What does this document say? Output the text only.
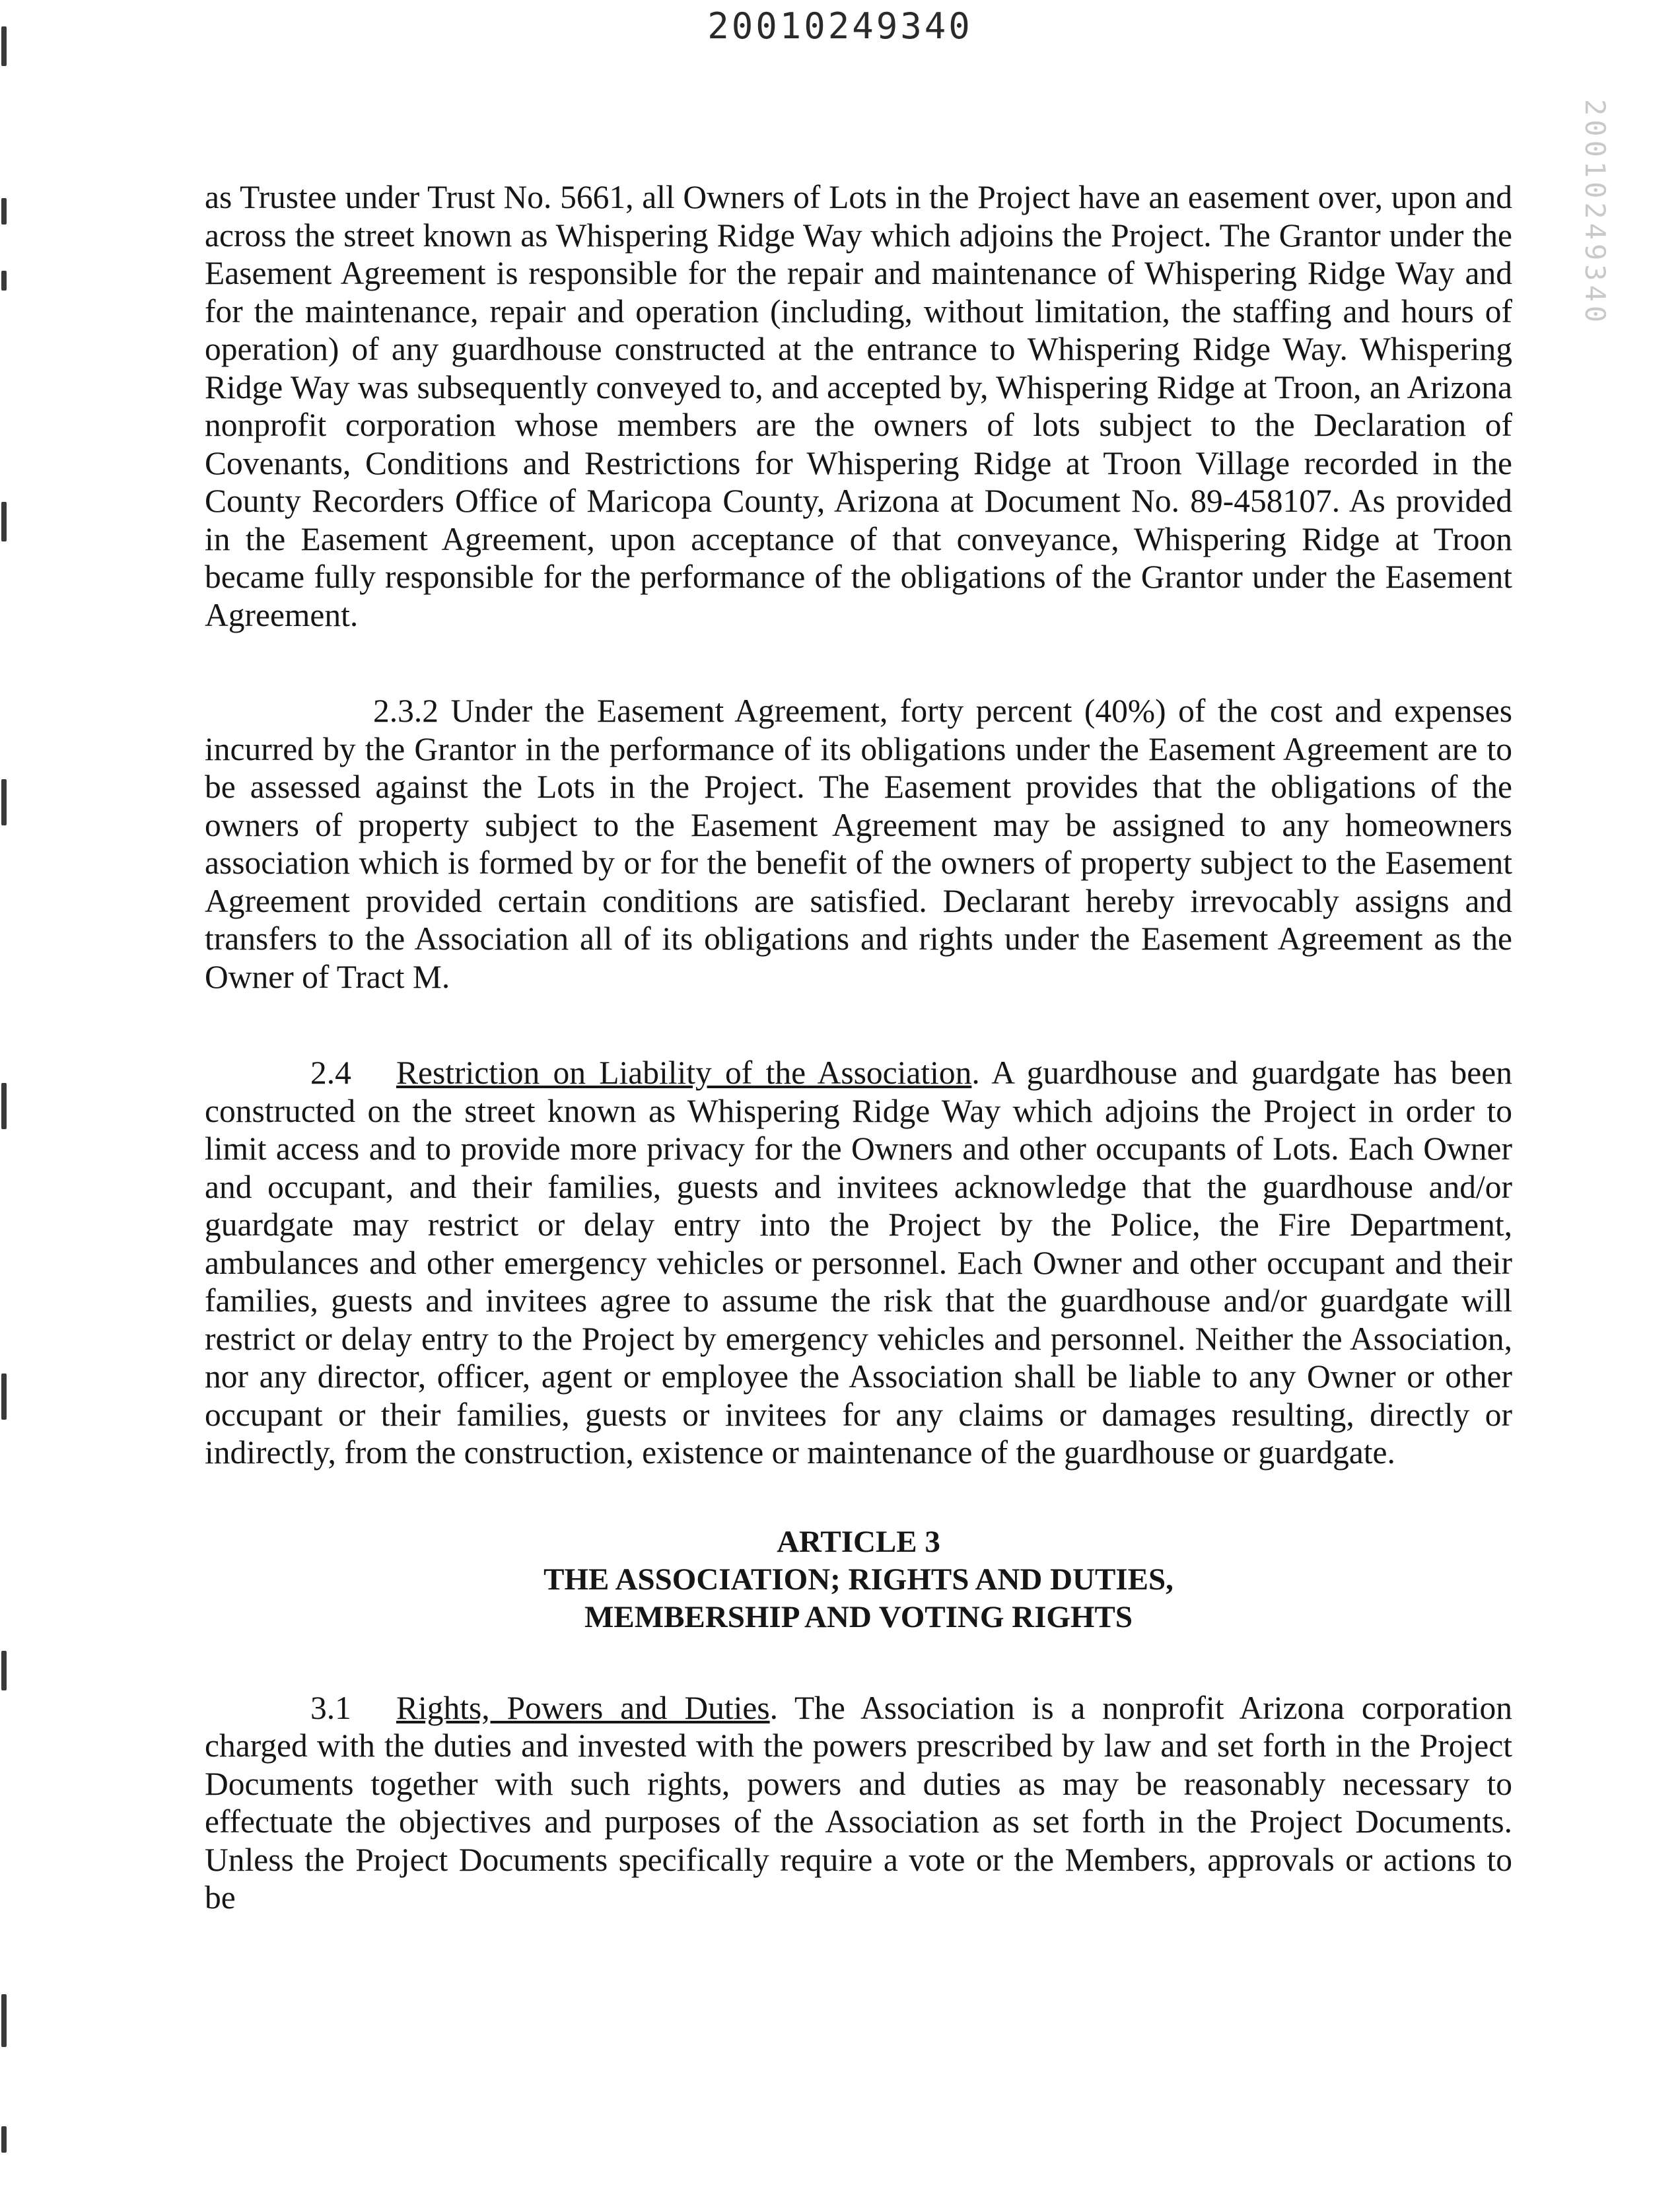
20010249340
20010249340

as Trustee under Trust No. 5661, all Owners of Lots in the Project have an easement over, upon and across the street known as Whispering Ridge Way which adjoins the Project. The Grantor under the Easement Agreement is responsible for the repair and maintenance of Whispering Ridge Way and for the maintenance, repair and operation (including, without limitation, the staffing and hours of operation) of any guardhouse constructed at the entrance to Whispering Ridge Way. Whispering Ridge Way was subsequently conveyed to, and accepted by, Whispering Ridge at Troon, an Arizona nonprofit corporation whose members are the owners of lots subject to the Declaration of Covenants, Conditions and Restrictions for Whispering Ridge at Troon Village recorded in the County Recorders Office of Maricopa County, Arizona at Document No. 89-458107. As provided in the Easement Agreement, upon acceptance of that conveyance, Whispering Ridge at Troon became fully responsible for the performance of the obligations of the Grantor under the Easement Agreement.

2.3.2 Under the Easement Agreement, forty percent (40%) of the cost and expenses incurred by the Grantor in the performance of its obligations under the Easement Agreement are to be assessed against the Lots in the Project. The Easement provides that the obligations of the owners of property subject to the Easement Agreement may be assigned to any homeowners association which is formed by or for the benefit of the owners of property subject to the Easement Agreement provided certain conditions are satisfied. Declarant hereby irrevocably assigns and transfers to the Association all of its obligations and rights under the Easement Agreement as the Owner of Tract M.

2.4 Restriction on Liability of the Association. A guardhouse and guardgate has been constructed on the street known as Whispering Ridge Way which adjoins the Project in order to limit access and to provide more privacy for the Owners and other occupants of Lots. Each Owner and occupant, and their families, guests and invitees acknowledge that the guardhouse and/or guardgate may restrict or delay entry into the Project by the Police, the Fire Department, ambulances and other emergency vehicles or personnel. Each Owner and other occupant and their families, guests and invitees agree to assume the risk that the guardhouse and/or guardgate will restrict or delay entry to the Project by emergency vehicles and personnel. Neither the Association, nor any director, officer, agent or employee the Association shall be liable to any Owner or other occupant or their families, guests or invitees for any claims or damages resulting, directly or indirectly, from the construction, existence or maintenance of the guardhouse or guardgate.

ARTICLE 3

THE ASSOCIATION; RIGHTS AND DUTIES,

MEMBERSHIP AND VOTING RIGHTS

3.1 Rights, Powers and Duties. The Association is a nonprofit Arizona corporation charged with the duties and invested with the powers prescribed by law and set forth in the Project Documents together with such rights, powers and duties as may be reasonably necessary to effectuate the objectives and purposes of the Association as set forth in the Project Documents. Unless the Project Documents specifically require a vote or the Members, approvals or actions to be
